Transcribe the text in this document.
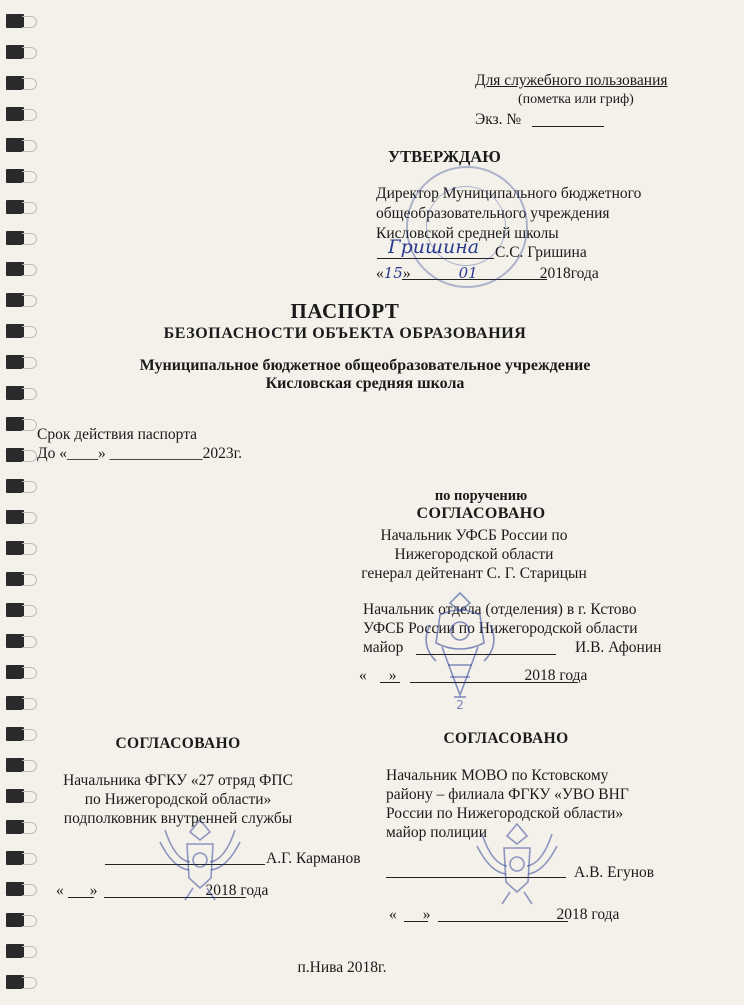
Для служебного пользования
(пометка или гриф)
Экз. №
УТВЕРЖДАЮ
Директор Муниципального бюджетного
общеобразовательного учреждения
Кисловской средней школы
Гришина С.С. Гришина
«15»	01	2018года
ПАСПОРТ
БЕЗОПАСНОСТИ ОБЪЕКТА ОБРАЗОВАНИЯ
Муниципальное бюджетное общеобразовательное учреждение
Кисловская средняя школа
Срок действия паспорта
До «____» ____________2023г.
по поручению
СОГЛАСОВАНО
Начальник УФСБ России по
Нижегородской области
генерал дейтенант С. Г. Старицын
Начальник отдела (отделения) в г. Кстово
УФСБ России по Нижегородской области
майор	И.В. Афонин
« »	2018 года
2
СОГЛАСОВАНО
Начальника ФГКУ «27 отряд ФПС
по Нижегородской области»
подполковник внутренней службы
А.Г. Карманов
« »	2018 года
СОГЛАСОВАНО
Начальник МОВО по Кстовскому
району – филиала ФГКУ «УВО ВНГ
России по Нижегородской области»
майор полиции
А.В. Егунов
« »	2018 года
п.Нива 2018г.
